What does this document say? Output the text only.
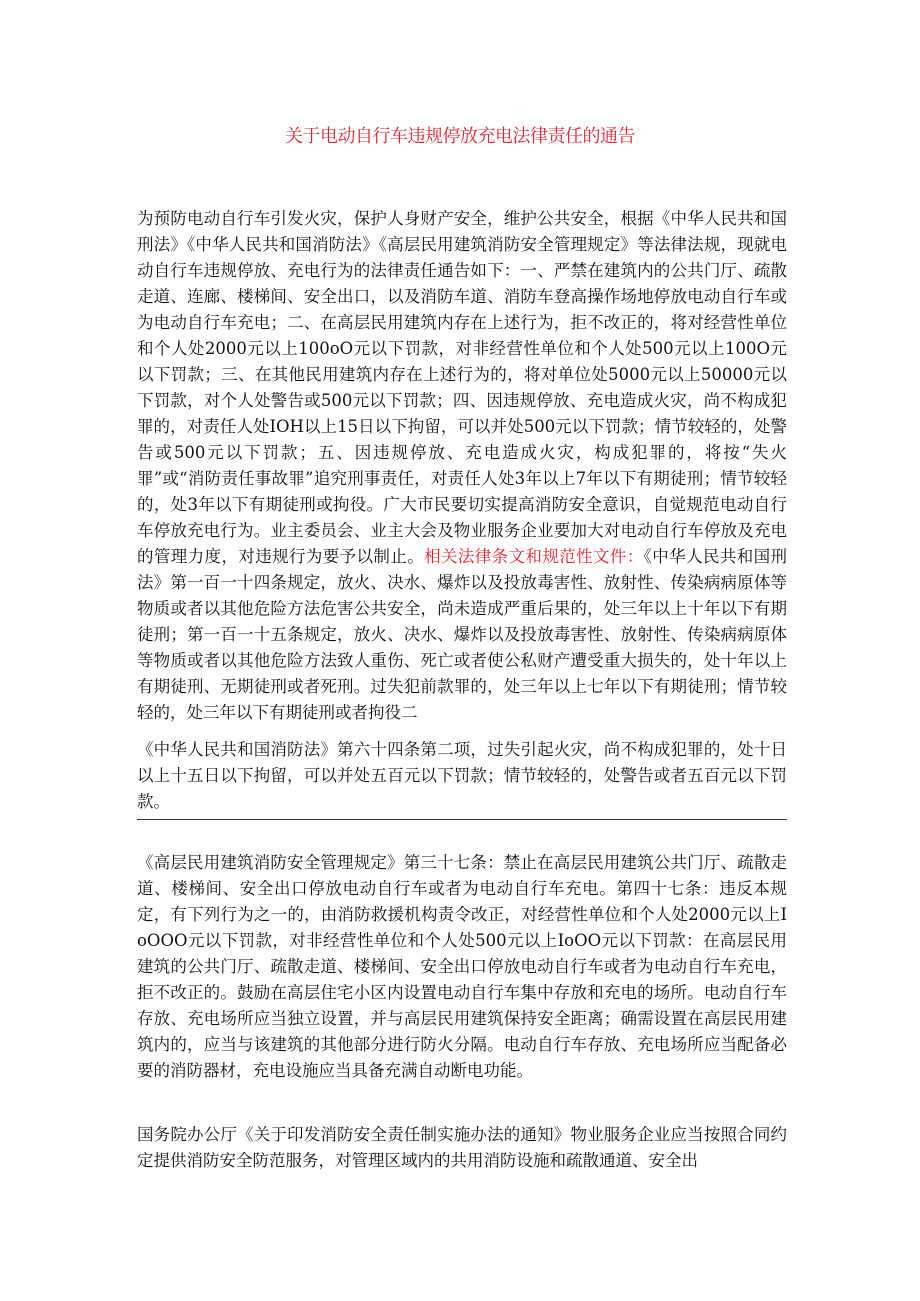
关于电动自行车违规停放充电法律责任的通告
为预防电动自行车引发火灾，保护人身财产安全，维护公共安全，根据《中华人民共和国刑法》《中华人民共和国消防法》《高层民用建筑消防安全管理规定》等法律法规，现就电动自行车违规停放、充电行为的法律责任通告如下：一、严禁在建筑内的公共门厅、疏散走道、连廊、楼梯间、安全出口，以及消防车道、消防车登高操作场地停放电动自行车或为电动自行车充电；二、在高层民用建筑内存在上述行为，拒不改正的，将对经营性单位和个人处2000元以上100oO元以下罚款，对非经营性单位和个人处500元以上100O元以下罚款；三、在其他民用建筑内存在上述行为的，将对单位处5000元以上50000元以下罚款，对个人处警告或500元以下罚款；四、因违规停放、充电造成火灾，尚不构成犯罪的，对责任人处IOH以上15日以下拘留，可以并处500元以下罚款；情节较轻的，处警告或500元以下罚款；五、因违规停放、充电造成火灾，构成犯罪的，将按“失火罪”或“消防责任事故罪”追究刑事责任，对责任人处3年以上7年以下有期徒刑；情节较轻的，处3年以下有期徒刑或拘役。广大市民要切实提高消防安全意识，自觉规范电动自行车停放充电行为。业主委员会、业主大会及物业服务企业要加大对电动自行车停放及充电的管理力度，对违规行为要予以制止。相关法律条文和规范性文件：《中华人民共和国刑法》第一百一十四条规定，放火、决水、爆炸以及投放毒害性、放射性、传染病病原体等物质或者以其他危险方法危害公共安全，尚未造成严重后果的，处三年以上十年以下有期徒刑；第一百一十五条规定，放火、决水、爆炸以及投放毒害性、放射性、传染病病原体等物质或者以其他危险方法致人重伤、死亡或者使公私财产遭受重大损失的，处十年以上有期徒刑、无期徒刑或者死刑。过失犯前款罪的，处三年以上七年以下有期徒刑；情节较轻的，处三年以下有期徒刑或者拘役二
《中华人民共和国消防法》第六十四条第二项，过失引起火灾，尚不构成犯罪的，处十日以上十五日以下拘留，可以并处五百元以下罚款；情节较轻的，处警告或者五百元以下罚款。
《高层民用建筑消防安全管理规定》第三十七条：禁止在高层民用建筑公共门厅、疏散走道、楼梯间、安全出口停放电动自行车或者为电动自行车充电。第四十七条：违反本规定，有下列行为之一的，由消防救援机构责令改正，对经营性单位和个人处2000元以上IoOOO元以下罚款，对非经营性单位和个人处500元以上IoOO元以下罚款：在高层民用建筑的公共门厅、疏散走道、楼梯间、安全出口停放电动自行车或者为电动自行车充电，拒不改正的。鼓励在高层住宅小区内设置电动自行车集中存放和充电的场所。电动自行车存放、充电场所应当独立设置，并与高层民用建筑保持安全距离；确需设置在高层民用建筑内的，应当与该建筑的其他部分进行防火分隔。电动自行车存放、充电场所应当配备必要的消防器材，充电设施应当具备充满自动断电功能。
国务院办公厅《关于印发消防安全责任制实施办法的通知》物业服务企业应当按照合同约定提供消防安全防范服务，对管理区域内的共用消防设施和疏散通道、安全出
